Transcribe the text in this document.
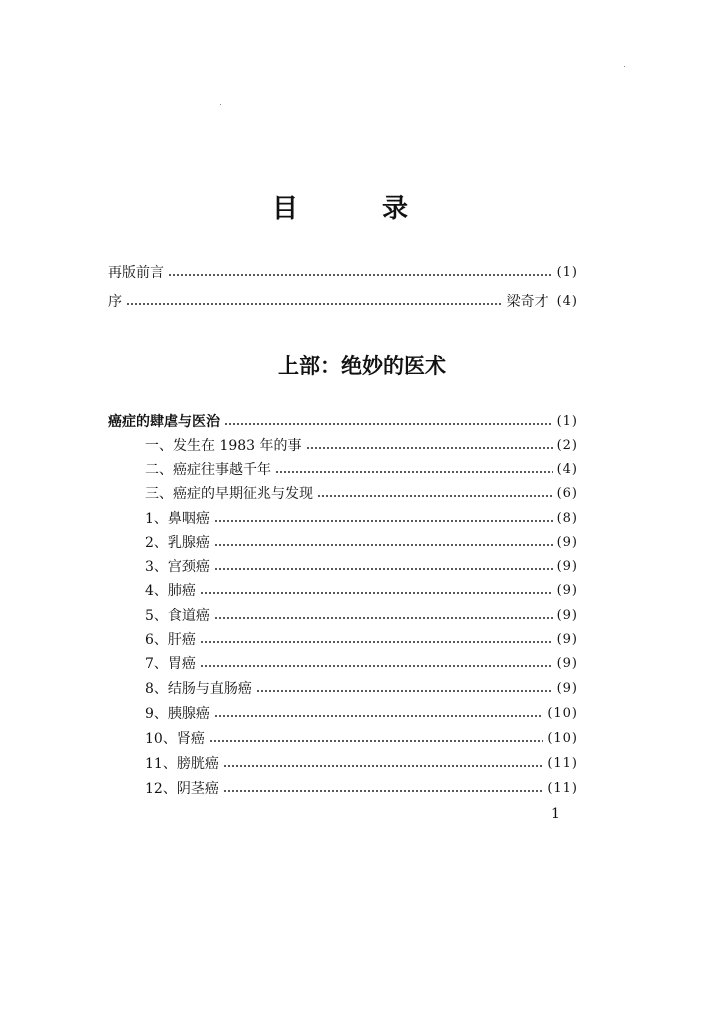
目	录
再版前言	(1)
序	梁奇才 (4)
上部：绝妙的医术
癌症的肆虐与医治	(1)
一、发生在 1983 年的事	(2)
二、癌症往事越千年	(4)
三、癌症的早期征兆与发现	(6)
1、鼻咽癌	(8)
2、乳腺癌	(9)
3、宫颈癌	(9)
4、肺癌	(9)
5、食道癌	(9)
6、肝癌	(9)
7、胃癌	(9)
8、结肠与直肠癌	(9)
9、胰腺癌	(10)
10、肾癌	(10)
11、膀胱癌	(11)
12、阴茎癌	(11)
1
